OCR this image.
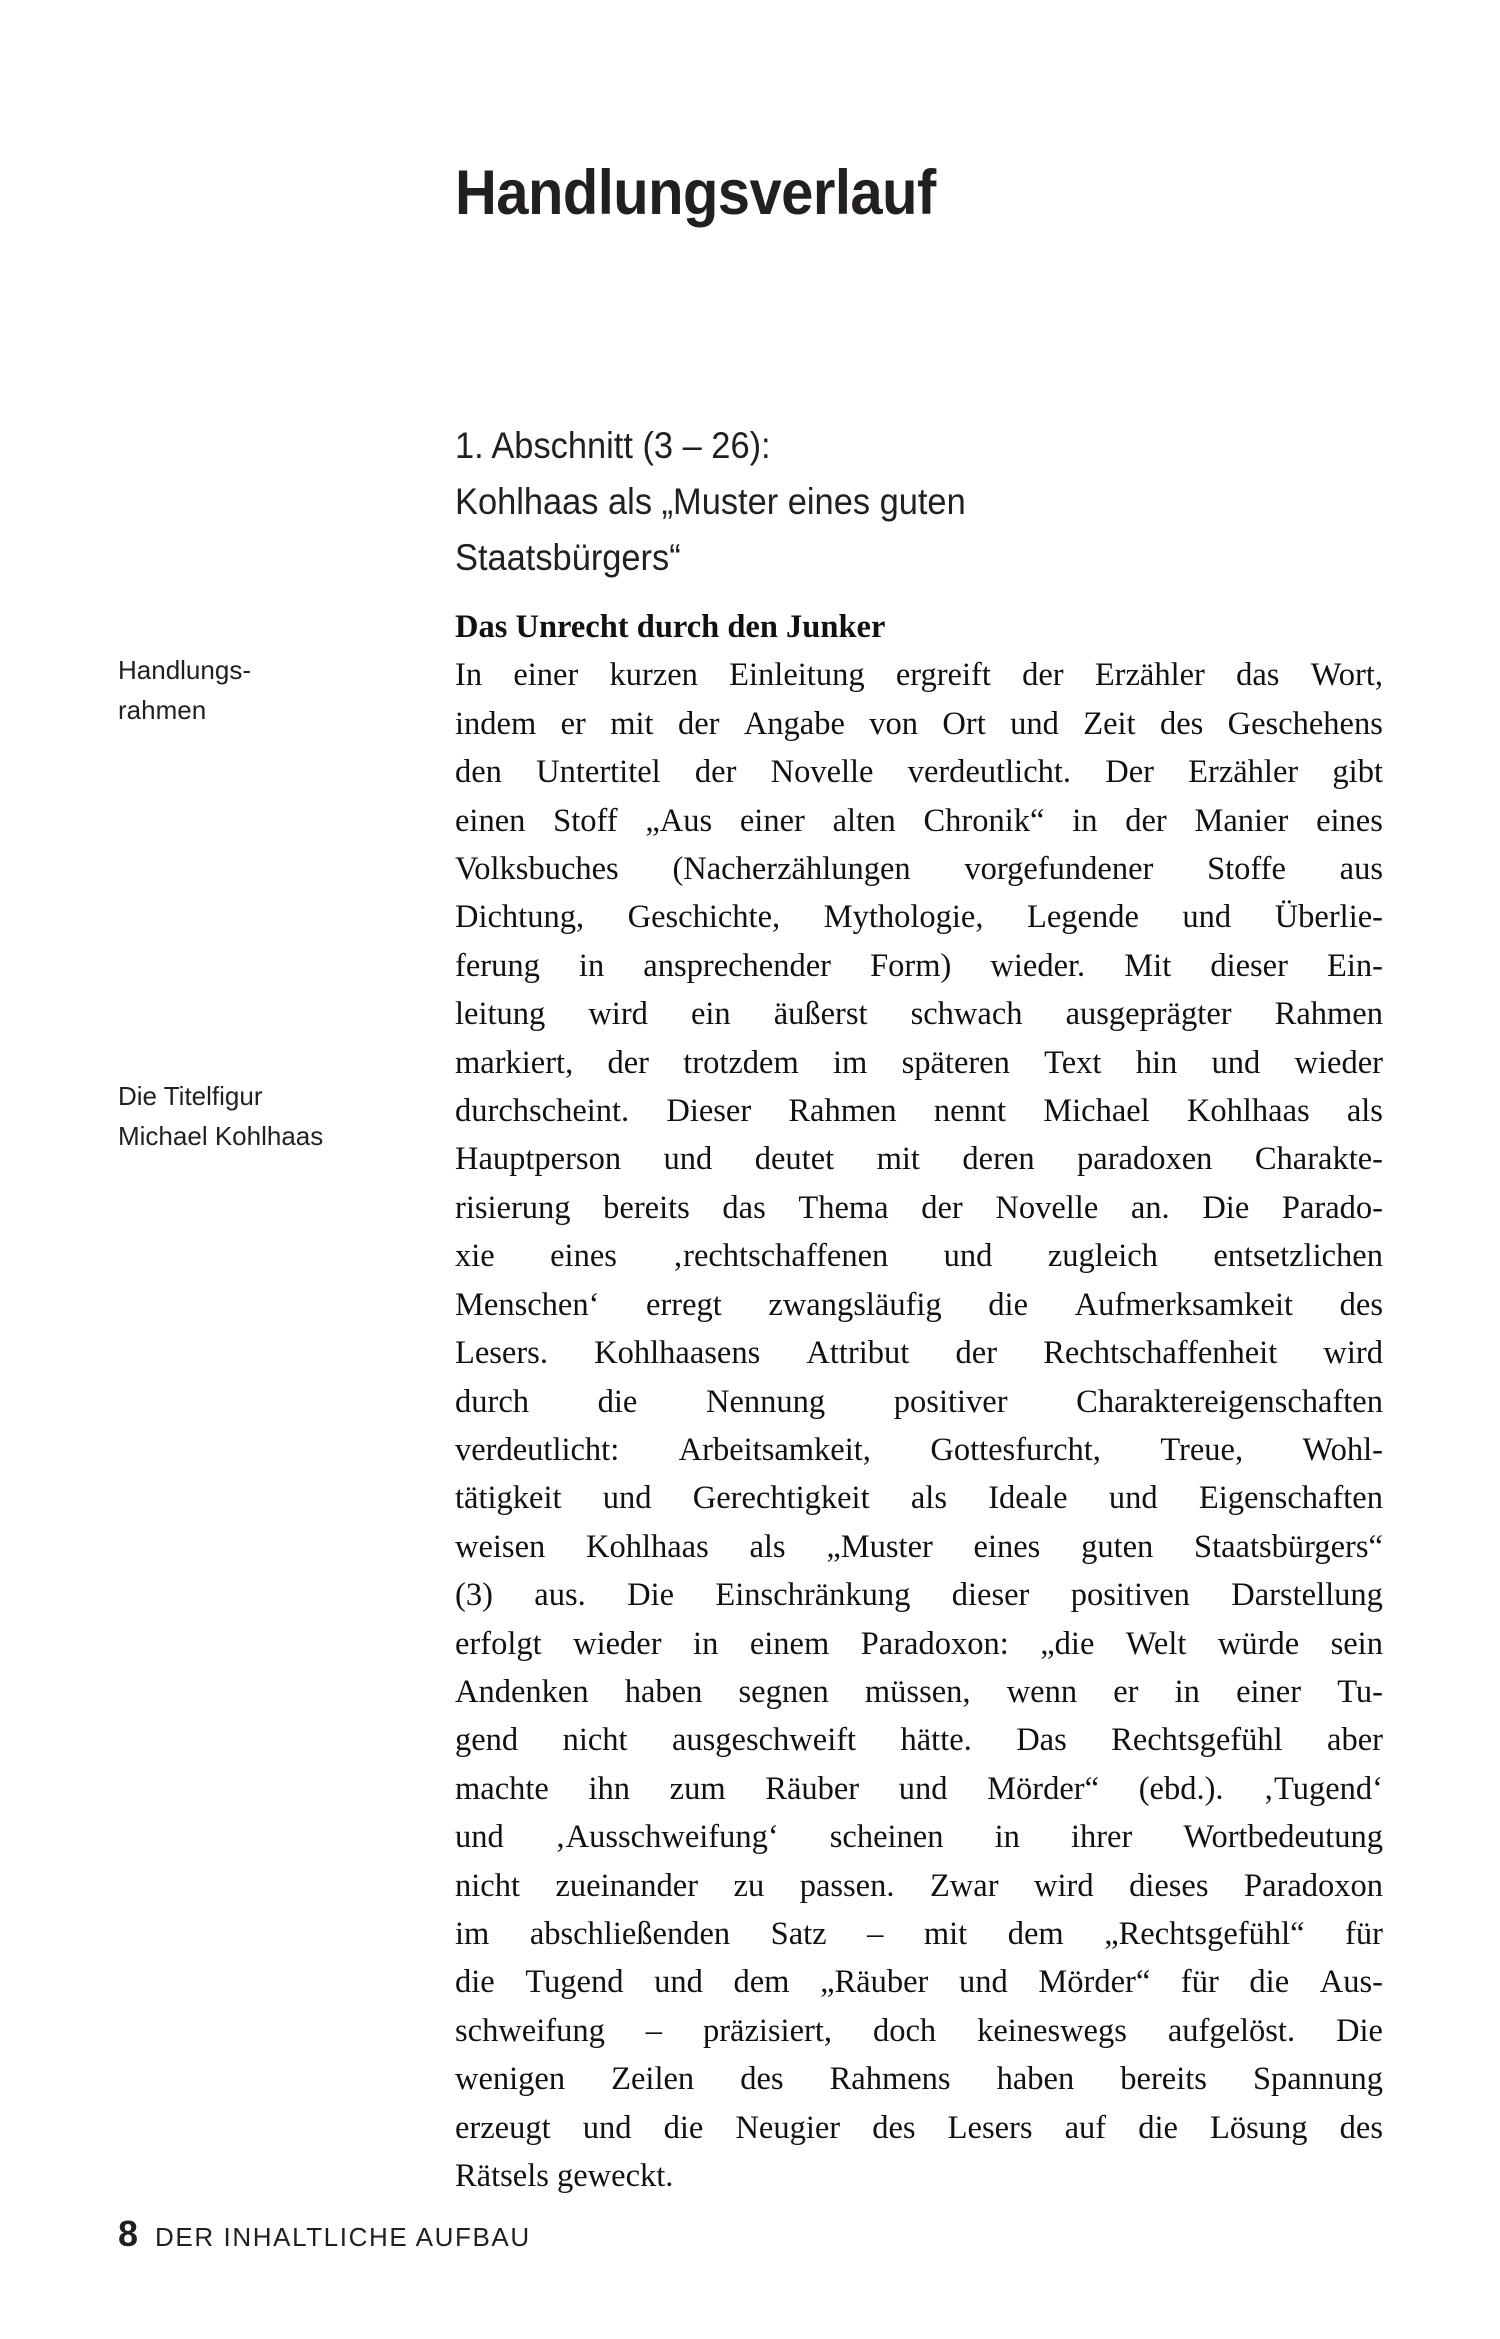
Handlungsverlauf
1. Abschnitt (3 – 26):
Kohlhaas als „Muster eines guten
Staatsbürgers“
Handlungs-
rahmen
Die Titelfigur
Michael Kohlhaas

Das Unrecht durch den Junker

In einer kurzen Einleitung ergreift der Erzähler das Wort,
indem er mit der Angabe von Ort und Zeit des Geschehens
den Untertitel der Novelle verdeutlicht. Der Erzähler gibt
einen Stoff „Aus einer alten Chronik“ in der Manier eines
Volksbuches (Nacherzählungen vorgefundener Stoffe aus
Dichtung, Geschichte, Mythologie, Legende und Überlie-
ferung in ansprechender Form) wieder. Mit dieser Ein-
leitung wird ein äußerst schwach ausgeprägter Rahmen
markiert, der trotzdem im späteren Text hin und wieder
durchscheint. Dieser Rahmen nennt Michael Kohlhaas als
Hauptperson und deutet mit deren paradoxen Charakte-
risierung bereits das Thema der Novelle an. Die Parado-
xie eines ‚rechtschaffenen und zugleich entsetzlichen
Menschen‘ erregt zwangsläufig die Aufmerksamkeit des
Lesers. Kohlhaasens Attribut der Rechtschaffenheit wird
durch die Nennung positiver Charaktereigenschaften
verdeutlicht: Arbeitsamkeit, Gottesfurcht, Treue, Wohl-
tätigkeit und Gerechtigkeit als Ideale und Eigenschaften
weisen Kohlhaas als „Muster eines guten Staatsbürgers“
(3) aus. Die Einschränkung dieser positiven Darstellung
erfolgt wieder in einem Paradoxon: „die Welt würde sein
Andenken haben segnen müssen, wenn er in einer Tu-
gend nicht ausgeschweift hätte. Das Rechtsgefühl aber
machte ihn zum Räuber und Mörder“ (ebd.). ‚Tugend‘
und ‚Ausschweifung‘ scheinen in ihrer Wortbedeutung
nicht zueinander zu passen. Zwar wird dieses Paradoxon
im abschließenden Satz – mit dem „Rechtsgefühl“ für
die Tugend und dem „Räuber und Mörder“ für die Aus-
schweifung – präzisiert, doch keineswegs aufgelöst. Die
wenigen Zeilen des Rahmens haben bereits Spannung
erzeugt und die Neugier des Lesers auf die Lösung des
Rätsels geweckt.
8 DER INHALTLICHE AUFBAU
